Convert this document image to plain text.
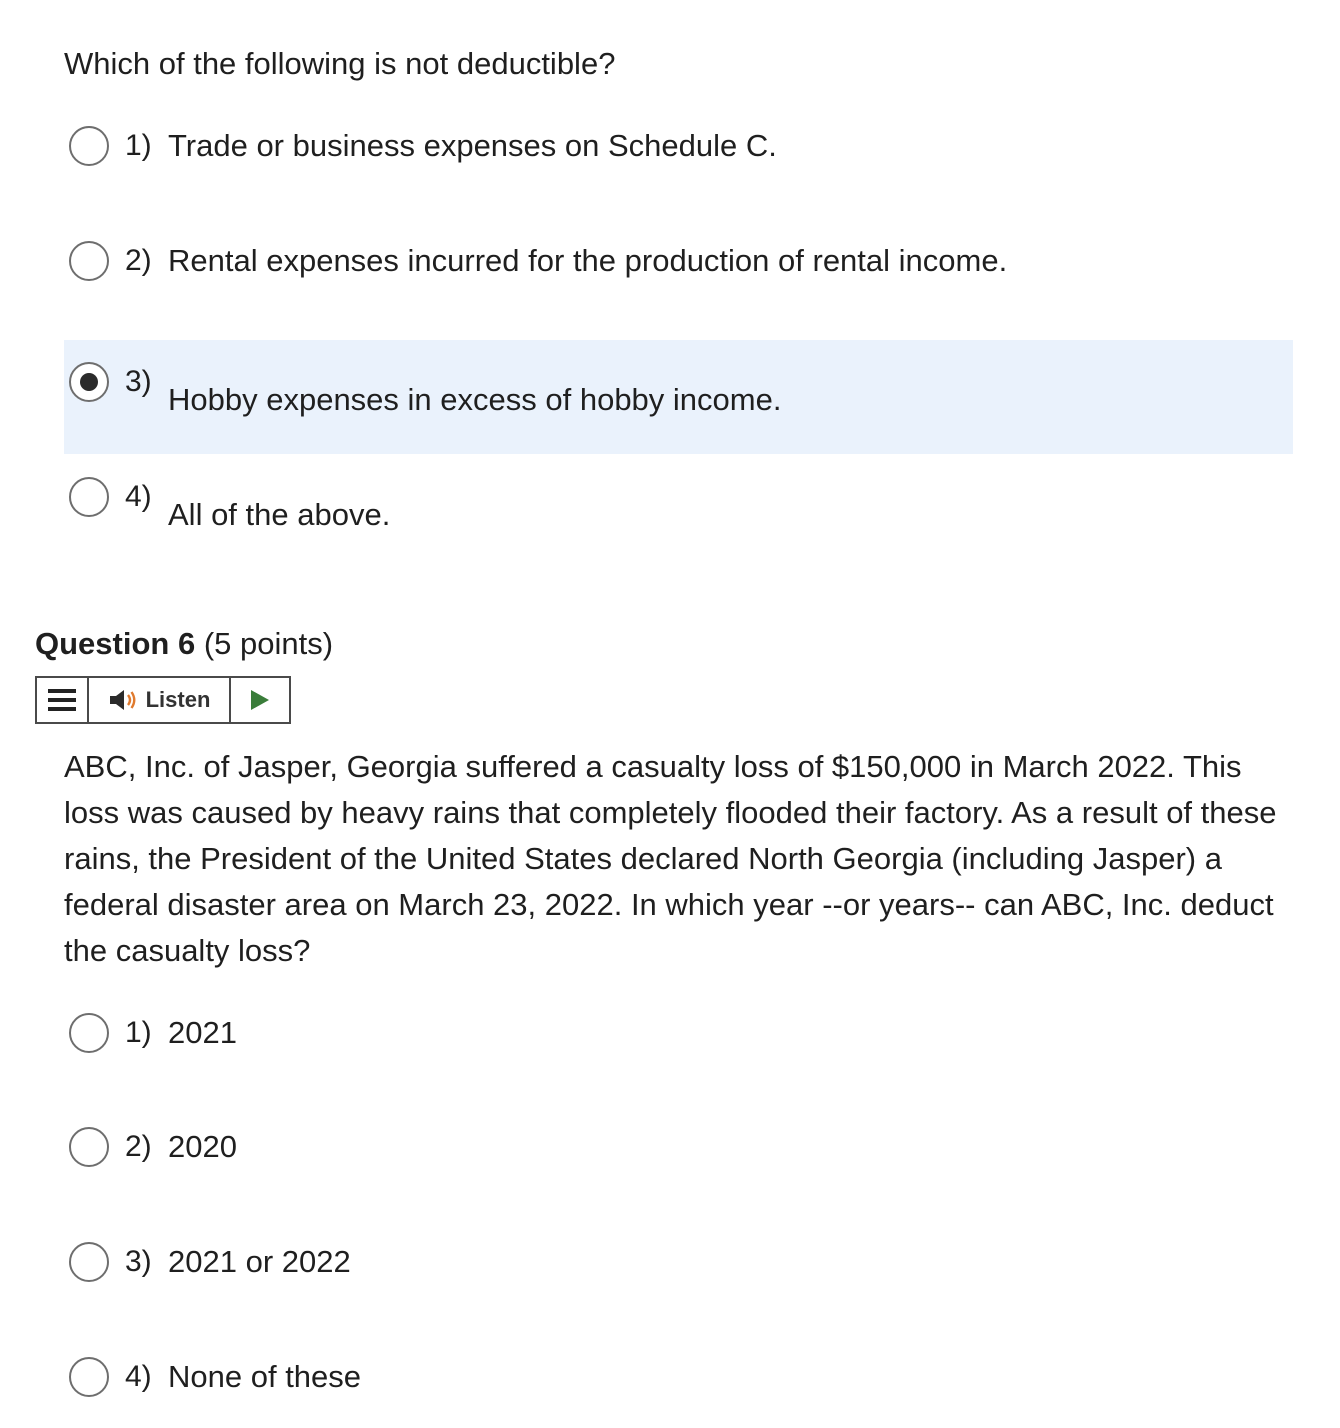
Which of the following is not deductible?

1) Trade or business expenses on Schedule C.
2) Rental expenses incurred for the production of rental income.
3)
Hobby expenses in excess of hobby income.
4)
All of the above.
Question 6 (5 points)
Listen

ABC, Inc. of Jasper, Georgia suffered a casualty loss of $150,000 in March 2022. This loss was caused by heavy rains that completely flooded their factory. As a result of these rains, the President of the United States declared North Georgia (including Jasper) a federal disaster area on March 23, 2022. In which year --or years-- can ABC, Inc. deduct the casualty loss?

1) 2021
2) 2020
3) 2021 or 2022
4) None of these
